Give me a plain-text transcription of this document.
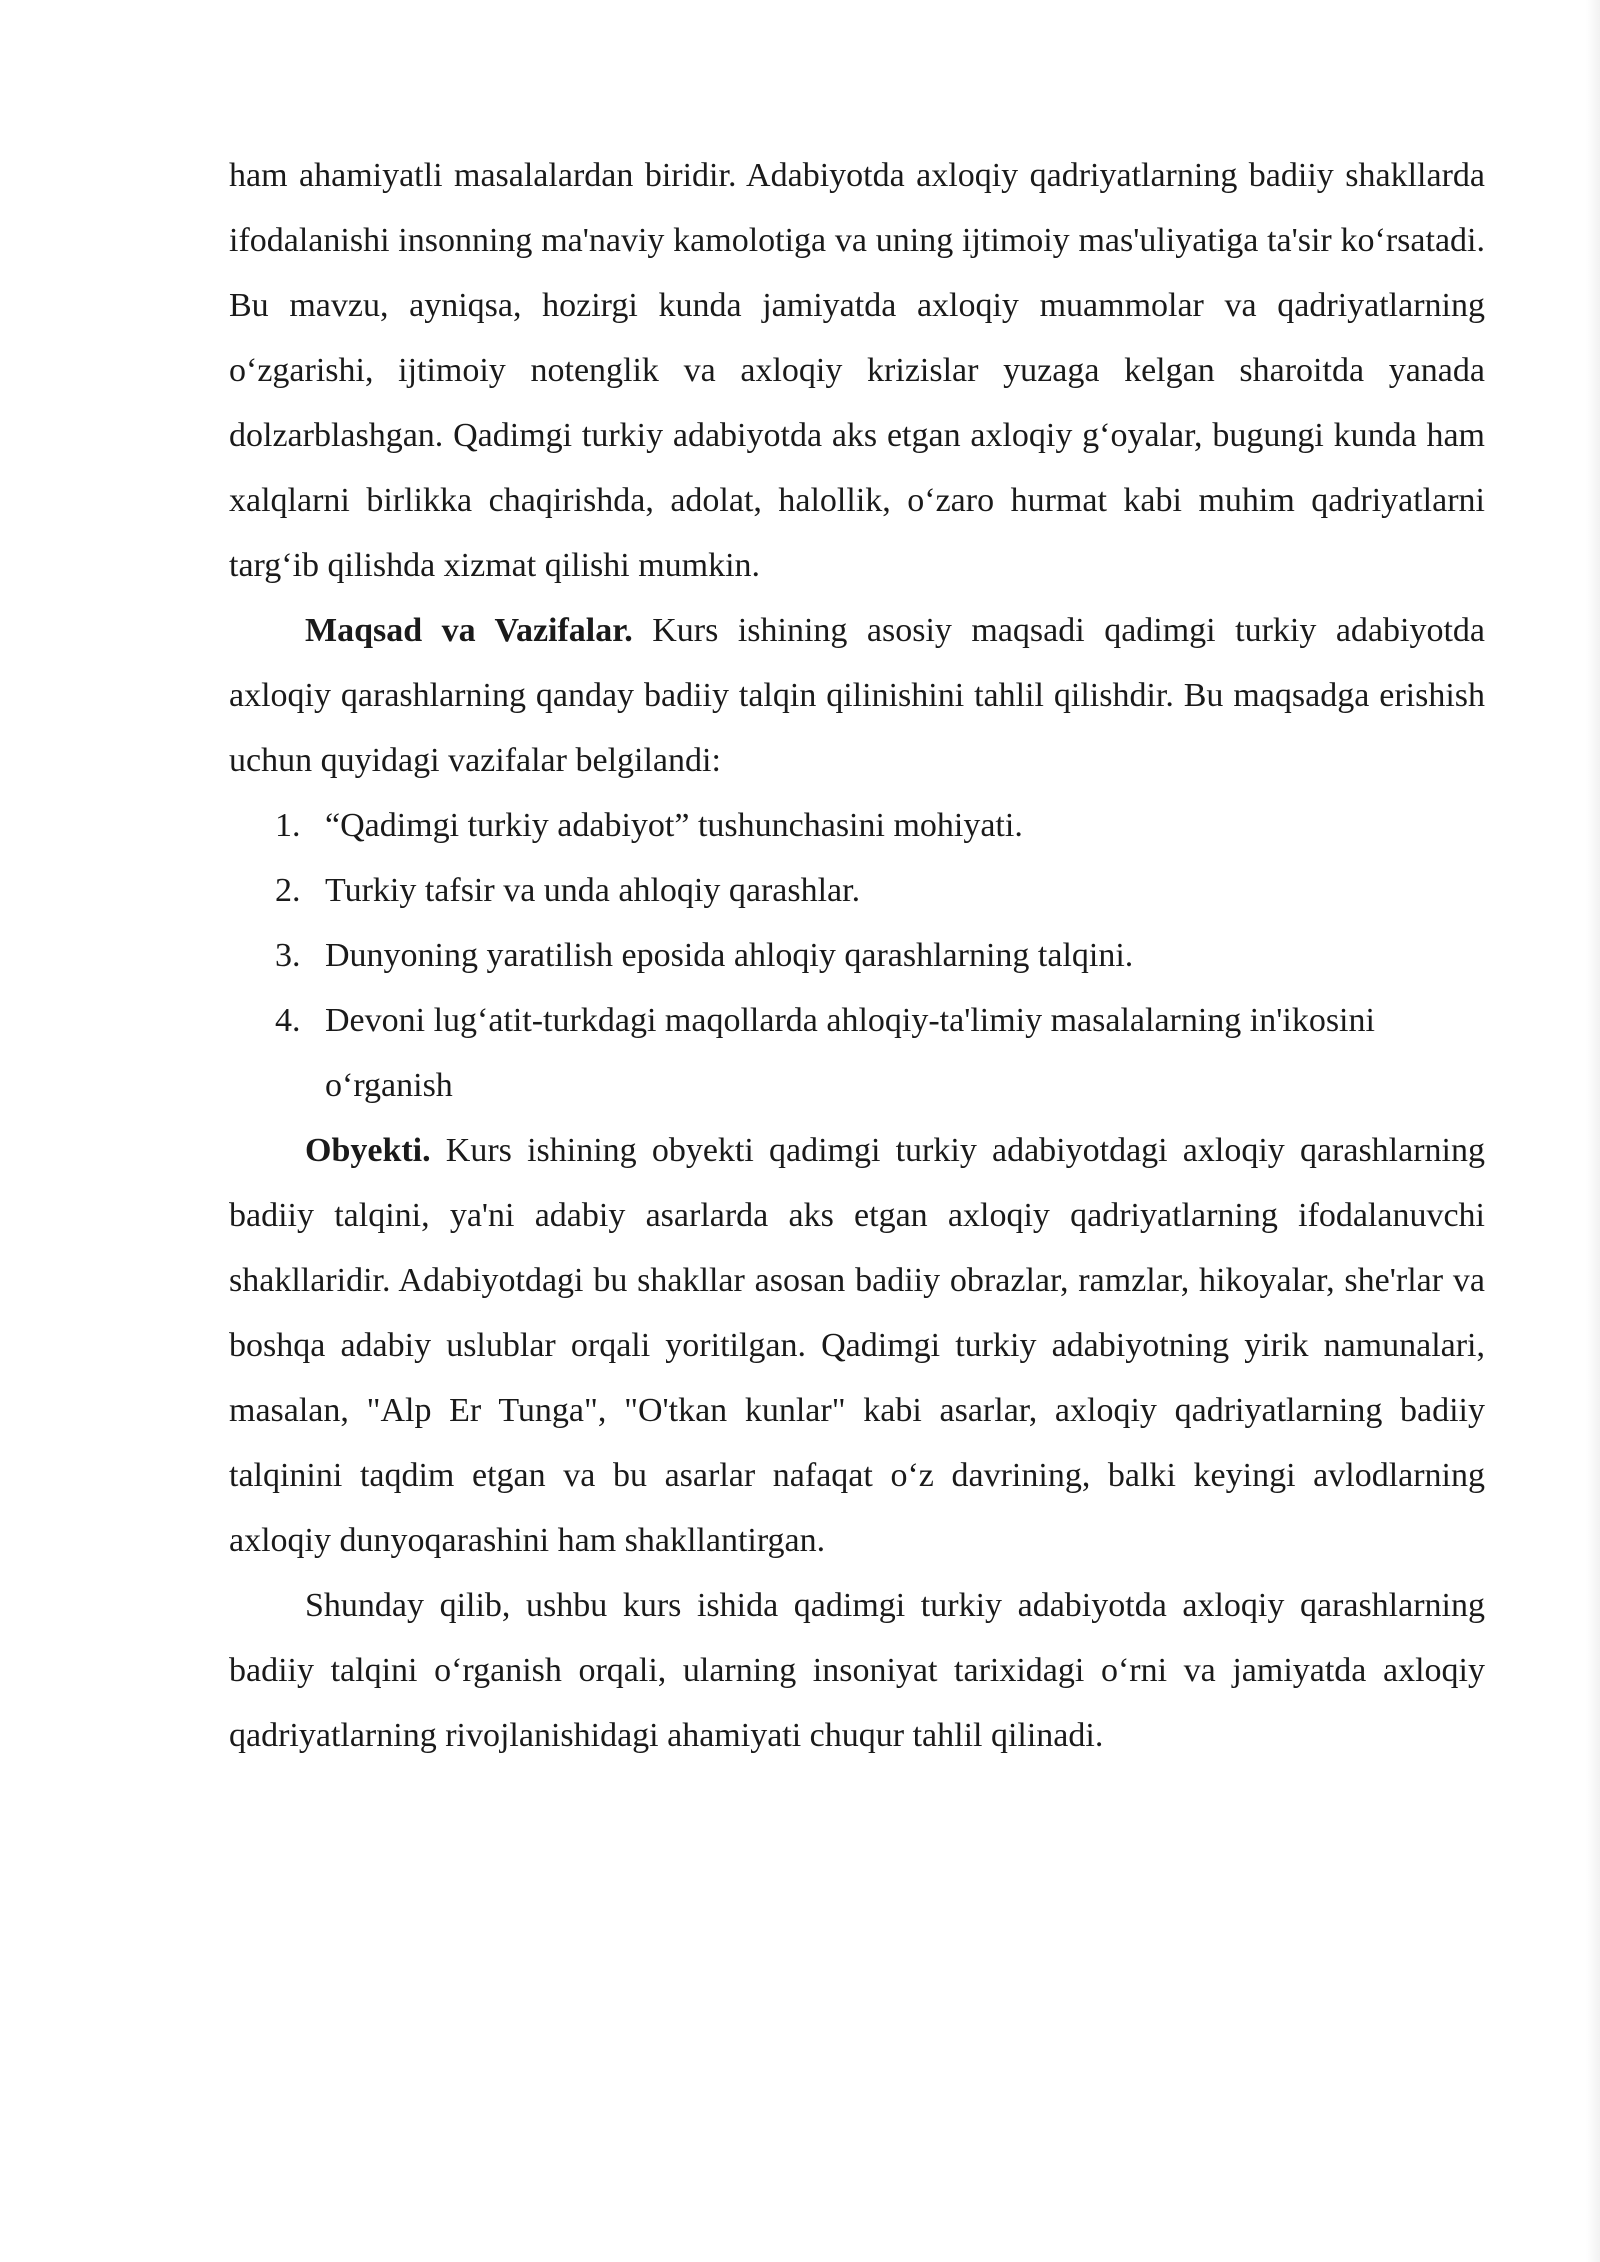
ham ahamiyatli masalalardan biridir. Adabiyotda axloqiy qadriyatlarning badiiy shakllarda ifodalanishi insonning ma'naviy kamolotiga va uning ijtimoiy mas'uliyatiga ta'sir ko‘rsatadi. Bu mavzu, ayniqsa, hozirgi kunda jamiyatda axloqiy muammolar va qadriyatlarning o‘zgarishi, ijtimoiy notenglik va axloqiy krizislar yuzaga kelgan sharoitda yanada dolzarblashgan. Qadimgi turkiy adabiyotda aks etgan axloqiy g‘oyalar, bugungi kunda ham xalqlarni birlikka chaqirishda, adolat, halollik, o‘zaro hurmat kabi muhim qadriyatlarni targ‘ib qilishda xizmat qilishi mumkin.

Maqsad va Vazifalar. Kurs ishining asosiy maqsadi qadimgi turkiy adabiyotda axloqiy qarashlarning qanday badiiy talqin qilinishini tahlil qilishdir. Bu maqsadga erishish uchun quyidagi vazifalar belgilandi:

1. “Qadimgi turkiy adabiyot” tushunchasini mohiyati.
2. Turkiy tafsir va unda ahloqiy qarashlar.
3. Dunyoning yaratilish eposida ahloqiy qarashlarning talqini.
4. Devoni lug‘atit-turkdagi maqollarda ahloqiy-ta'limiy masalalarning in'ikosini o‘rganish

Obyekti. Kurs ishining obyekti qadimgi turkiy adabiyotdagi axloqiy qarashlarning badiiy talqini, ya'ni adabiy asarlarda aks etgan axloqiy qadriyatlarning ifodalanuvchi shakllaridir. Adabiyotdagi bu shakllar asosan badiiy obrazlar, ramzlar, hikoyalar, she'rlar va boshqa adabiy uslublar orqali yoritilgan. Qadimgi turkiy adabiyotning yirik namunalari, masalan, "Alp Er Tunga", "O'tkan kunlar" kabi asarlar, axloqiy qadriyatlarning badiiy talqinini taqdim etgan va bu asarlar nafaqat o‘z davrining, balki keyingi avlodlarning axloqiy dunyoqarashini ham shakllantirgan.

Shunday qilib, ushbu kurs ishida qadimgi turkiy adabiyotda axloqiy qarashlarning badiiy talqini o‘rganish orqali, ularning insoniyat tarixidagi o‘rni va jamiyatda axloqiy qadriyatlarning rivojlanishidagi ahamiyati chuqur tahlil qilinadi.
